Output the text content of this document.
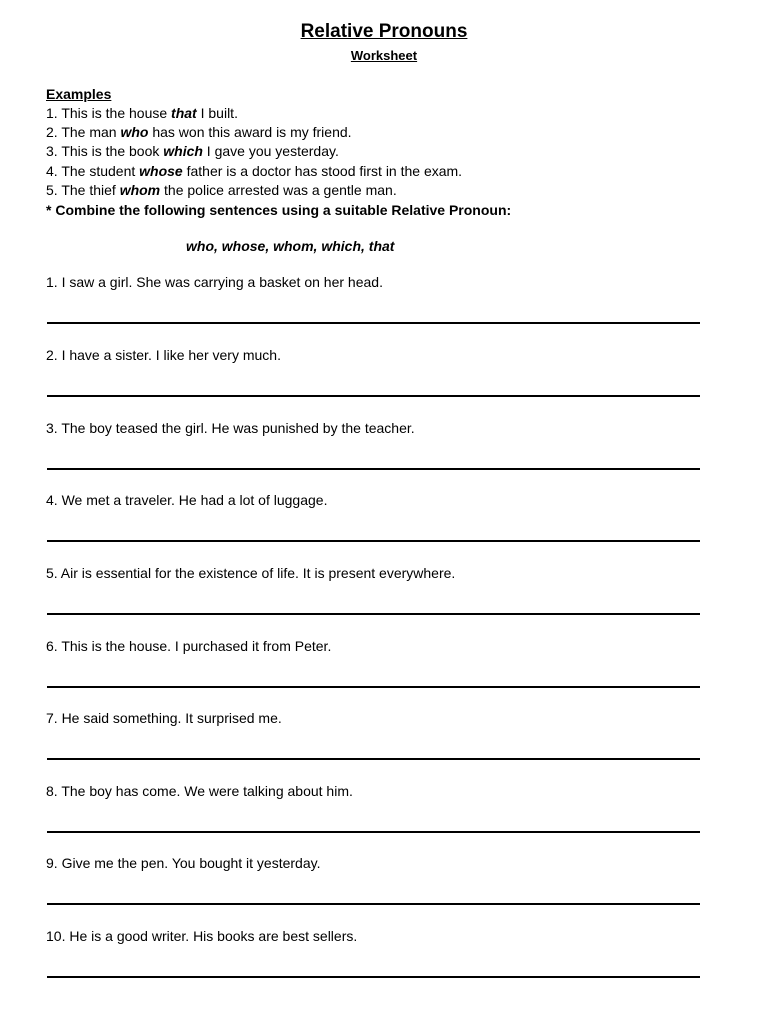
Relative Pronouns
Worksheet
Examples
1. This is the house that I built.
2. The man who has won this award is my friend.
3. This is the book which I gave you yesterday.
4. The student whose father is a doctor has stood first in the exam.
5. The thief whom the police arrested was a gentle man.
* Combine the following sentences using a suitable Relative Pronoun:
who, whose, whom, which, that
1. I saw a girl. She was carrying a basket on her head.
2. I have a sister. I like her very much.
3. The boy teased the girl. He was punished by the teacher.
4. We met a traveler. He had a lot of luggage.
5. Air is essential for the existence of life. It is present everywhere.
6. This is the house. I purchased it from Peter.
7. He said something. It surprised me.
8. The boy has come. We were talking about him.
9. Give me the pen. You bought it yesterday.
10. He is a good writer. His books are best sellers.
